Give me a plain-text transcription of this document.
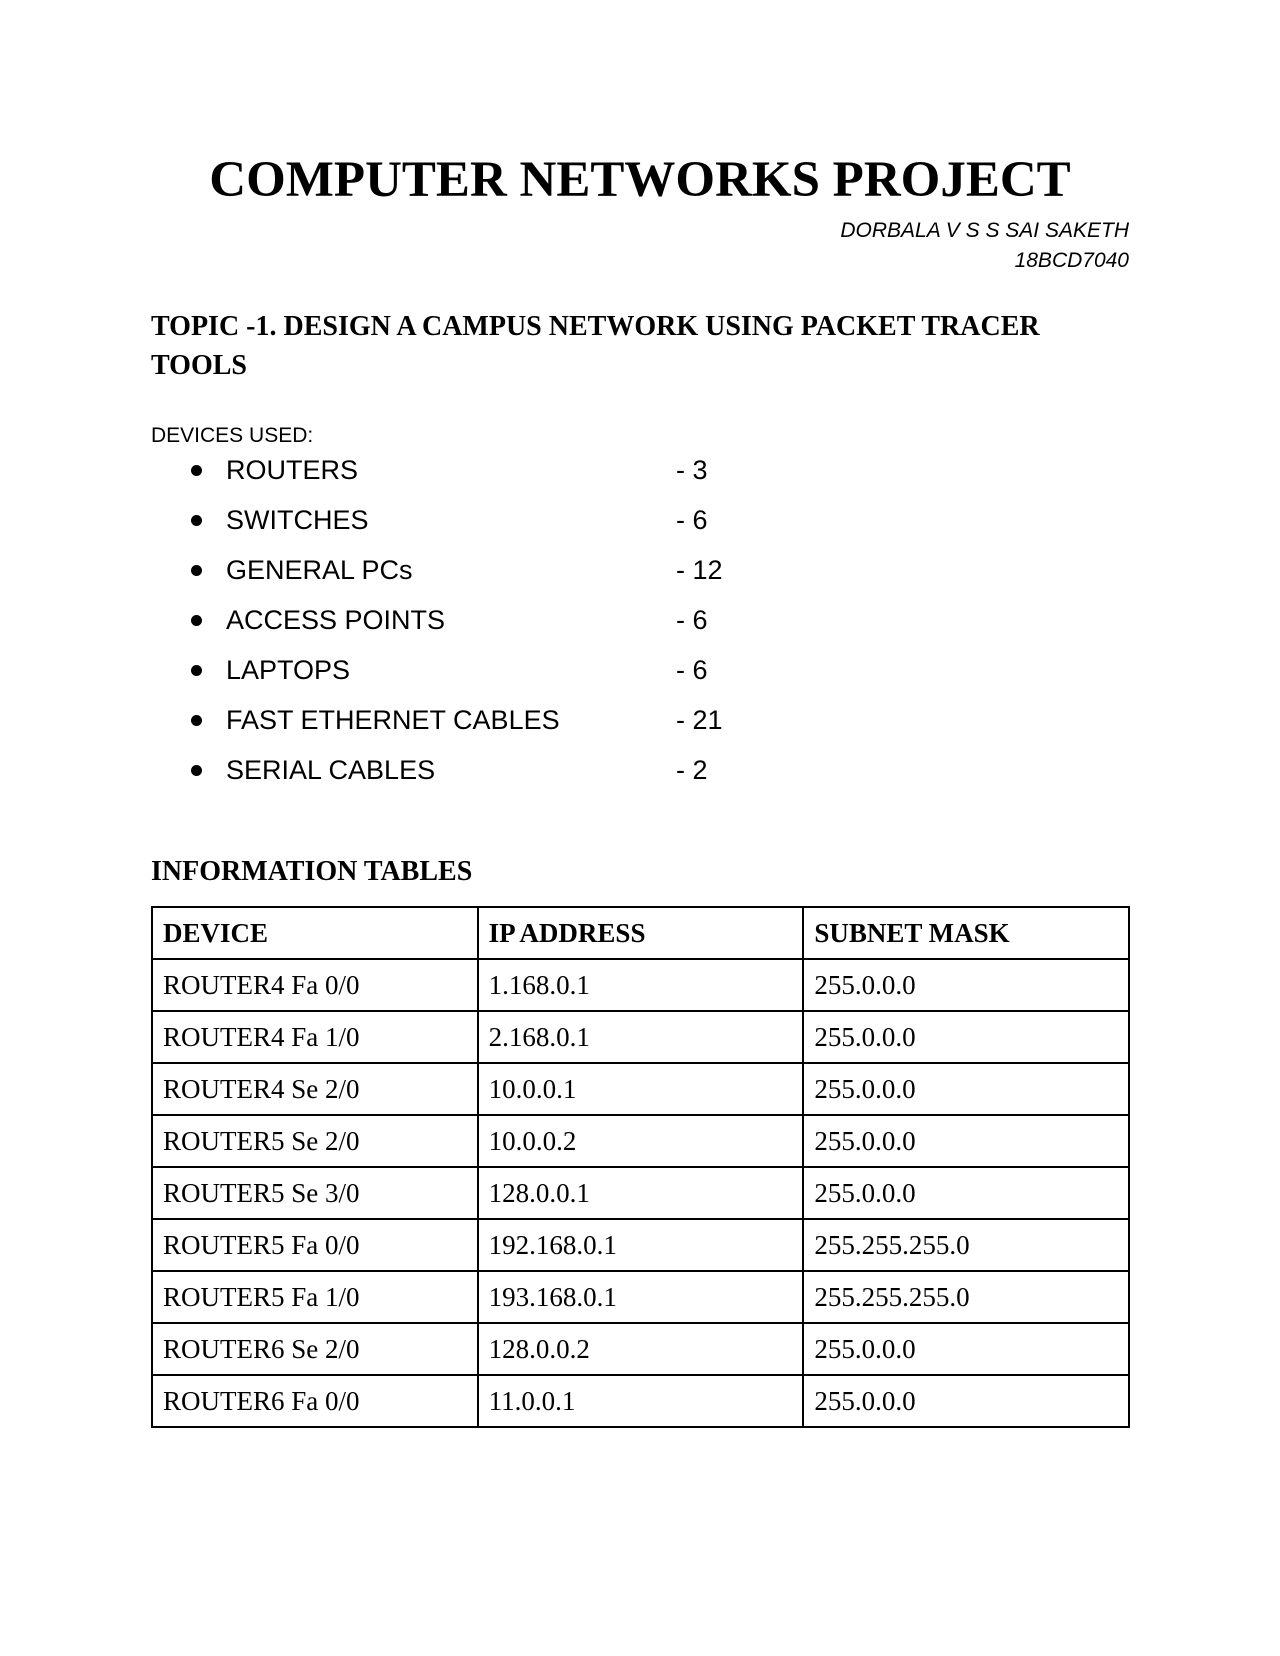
COMPUTER NETWORKS PROJECT
DORBALA V S S SAI SAKETH
18BCD7040
TOPIC -1. DESIGN A CAMPUS NETWORK USING PACKET TRACER TOOLS
DEVICES USED:
ROUTERS	- 3
SWITCHES	- 6
GENERAL PCs	- 12
ACCESS POINTS	- 6
LAPTOPS	- 6
FAST ETHERNET CABLES	- 21
SERIAL CABLES	- 2
INFORMATION TABLES
DEVICE	IP ADDRESS	SUBNET MASK
ROUTER4 Fa 0/0	1.168.0.1	255.0.0.0
ROUTER4 Fa 1/0	2.168.0.1	255.0.0.0
ROUTER4 Se 2/0	10.0.0.1	255.0.0.0
ROUTER5 Se 2/0	10.0.0.2	255.0.0.0
ROUTER5 Se 3/0	128.0.0.1	255.0.0.0
ROUTER5 Fa 0/0	192.168.0.1	255.255.255.0
ROUTER5 Fa 1/0	193.168.0.1	255.255.255.0
ROUTER6 Se 2/0	128.0.0.2	255.0.0.0
ROUTER6 Fa 0/0	11.0.0.1	255.0.0.0
